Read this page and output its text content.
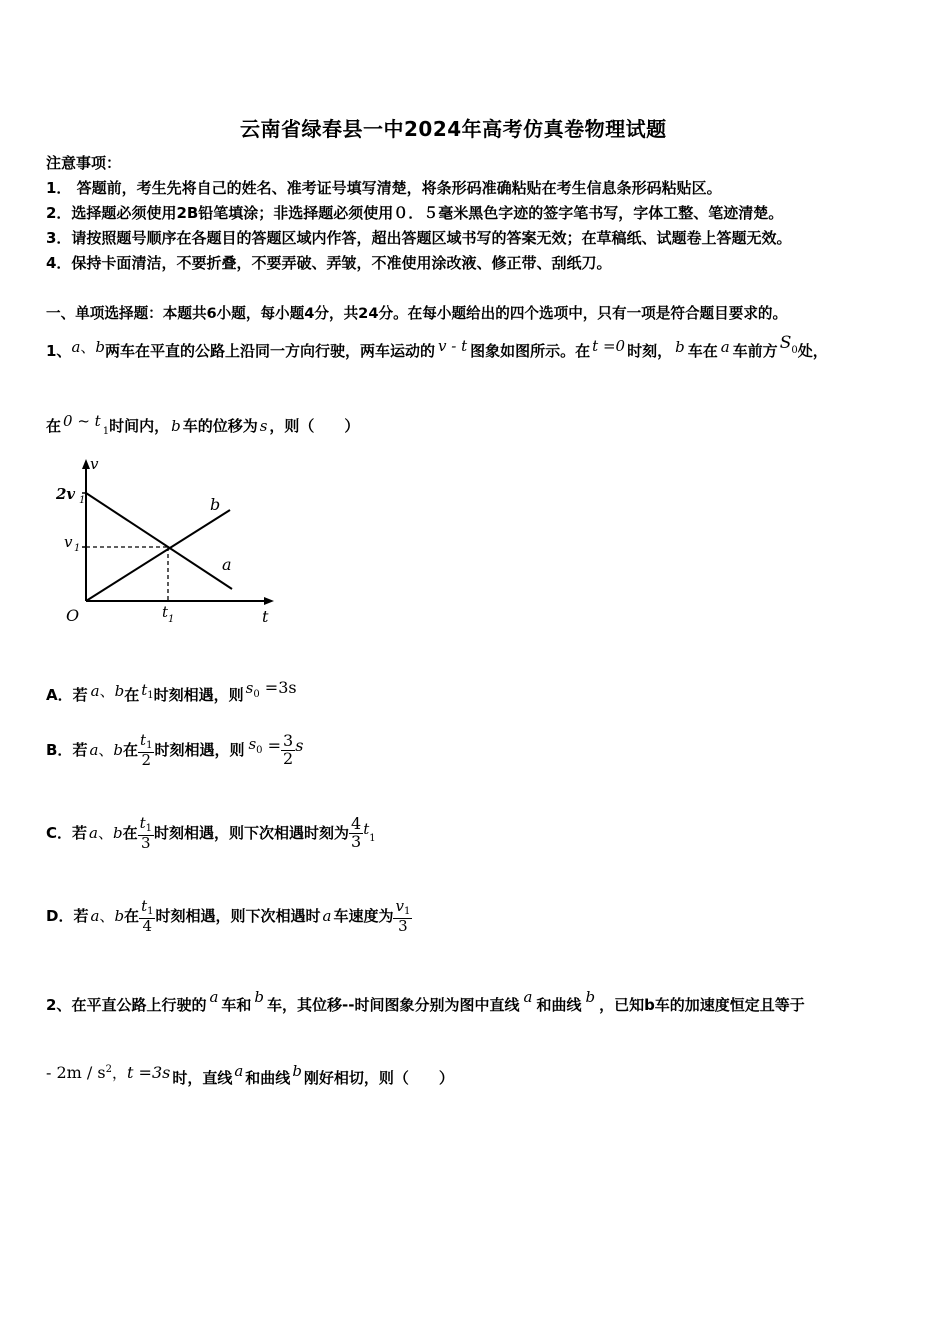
云南省绿春县一中2024年高考仿真卷物理试题
注意事项：
1． 答题前，考生先将自己的姓名、准考证号填写清楚，将条形码准确粘贴在考生信息条形码粘贴区。
2．选择题必须使用2B铅笔填涂；非选择题必须使用０．５毫米黑色字迹的签字笔书写，字体工整、笔迹清楚。
3．请按照题号顺序在各题目的答题区域内作答，超出答题区域书写的答案无效；在草稿纸、试题卷上答题无效。
4．保持卡面清洁，不要折叠，不要弄破、弄皱，不准使用涂改液、修正带、刮纸刀。
一、单项选择题：本题共6小题，每小题4分，共24分。在每小题给出的四个选项中，只有一项是符合题目要求的。
1、a、b两车在平直的公路上沿同一方向行驶，两车运动的 v - t 图象如图所示。在 t =0 时刻， b 车在 a 车前方 $S^0$处，
在 0 ~ $t_1$时间内， b 车的位移为 s ，则（　　）
v
t
O
2v 1
v 1
t 1
b
a
A．若 a、b在 $t^1$时刻相遇，则 $s^0 =3s$
B．若 a、b在 $\frac{t_1}{2}$ 时刻相遇，则 $s^0 = \frac{3}{2}$ s
C．若 a、b在 $\frac{t_1}{3}$ 时刻相遇，则下次相遇时刻为 $\frac{4}{3} t_1$
D．若 a、b在 $\frac{t_1}{4}$ 时刻相遇，则下次相遇时 a 车速度为 $\frac{v_1}{3}$
2、在平直公路上行驶的 a 车和 b 车，其位移--时间图象分别为图中直线 a 和曲线 b ，已知b车的加速度恒定且等于
- $2m / s^2$，t =3s 时，直线 a 和曲线 b 刚好相切，则（　　）
